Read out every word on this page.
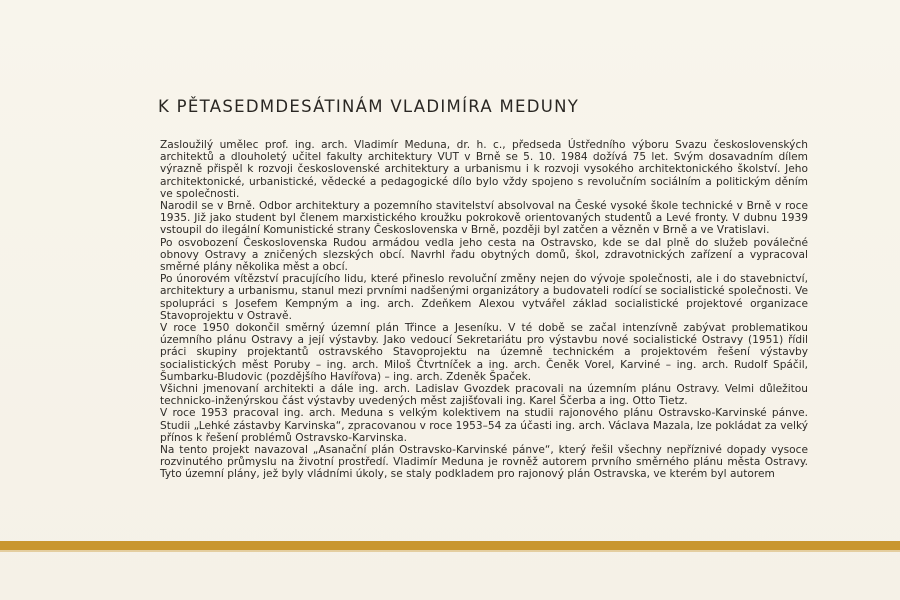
K PĚTASEDMDESÁTINÁM VLADIMÍRA MEDUNY

Zasloužilý umělec prof. ing. arch. Vladimír Meduna, dr. h. c., předseda Ústředního výboru Svazu československých architektů a dlouholetý učitel fakulty architektury VUT v Brně se 5. 10. 1984 dožívá 75 let. Svým dosavadním dílem výrazně přispěl k rozvoji československé architektury a urbanismu i k rozvoji vysokého architektonického školství. Jeho architektonické, urbanistické, vědecké a pedagogické dílo bylo vždy spojeno s revolučním sociálním a politickým děním ve společnosti.

Narodil se v Brně. Odbor architektury a pozemního stavitelství absolvoval na České vysoké škole technické v Brně v roce 1935. Již jako student byl členem marxistického kroužku pokrokově orientovaných studentů a Levé fronty. V dubnu 1939 vstoupil do ilegální Komunistické strany Československa v Brně, později byl zatčen a vězněn v Brně a ve Vratislavi.

Po osvobození Československa Rudou armádou vedla jeho cesta na Ostravsko, kde se dal plně do služeb poválečné obnovy Ostravy a zničených slezských obcí. Navrhl řadu obytných domů, škol, zdravotnických zařízení a vypracoval směrné plány několika měst a obcí.

Po únorovém vítězství pracujícího lidu, které přineslo revoluční změny nejen do vývoje společnosti, ale i do stavebnictví, architektury a urbanismu, stanul mezi prvními nadšenými organizátory a budovateli rodící se socialistické společnosti. Ve spolupráci s Josefem Kempným a ing. arch. Zdeňkem Alexou vytvářel základ socialistické projektové organizace Stavoprojektu v Ostravě.

V roce 1950 dokončil směrný územní plán Třince a Jeseníku. V té době se začal intenzívně zabývat problematikou územního plánu Ostravy a její výstavby. Jako vedoucí Sekretariátu pro výstavbu nové socialistické Ostravy (1951) řídil práci skupiny projektantů ostravského Stavoprojektu na územně technickém a projektovém řešení výstavby socialistických měst Poruby – ing. arch. Miloš Čtvrtníček a ing. arch. Čeněk Vorel, Karviné – ing. arch. Rudolf Spáčil, Šumbarku-Bludovic (pozdějšího Havířova) – ing. arch. Zdeněk Špaček.

Všichni jmenovaní architekti a dále ing. arch. Ladislav Gvozdek pracovali na územním plánu Ostravy. Velmi důležitou technicko-inženýrskou část výstavby uvedených měst zajišťovali ing. Karel Ščerba a ing. Otto Tietz.

V roce 1953 pracoval ing. arch. Meduna s velkým kolektivem na studii rajonového plánu Ostravsko-Karvinské pánve. Studii „Lehké zástavby Karvinska“, zpracovanou v roce 1953–54 za účasti ing. arch. Václava Mazala, lze pokládat za velký přínos k řešení problémů Ostravsko-Karvinska.

Na tento projekt navazoval „Asanační plán Ostravsko-Karvinské pánve“, který řešil všechny nepříznivé dopady vysoce rozvinutého průmyslu na životní prostředí. Vladimír Meduna je rovněž autorem prvního směrného plánu města Ostravy. Tyto územní plány, jež byly vládními úkoly, se staly podkladem pro rajonový plán Ostravska, ve kterém byl autorem
